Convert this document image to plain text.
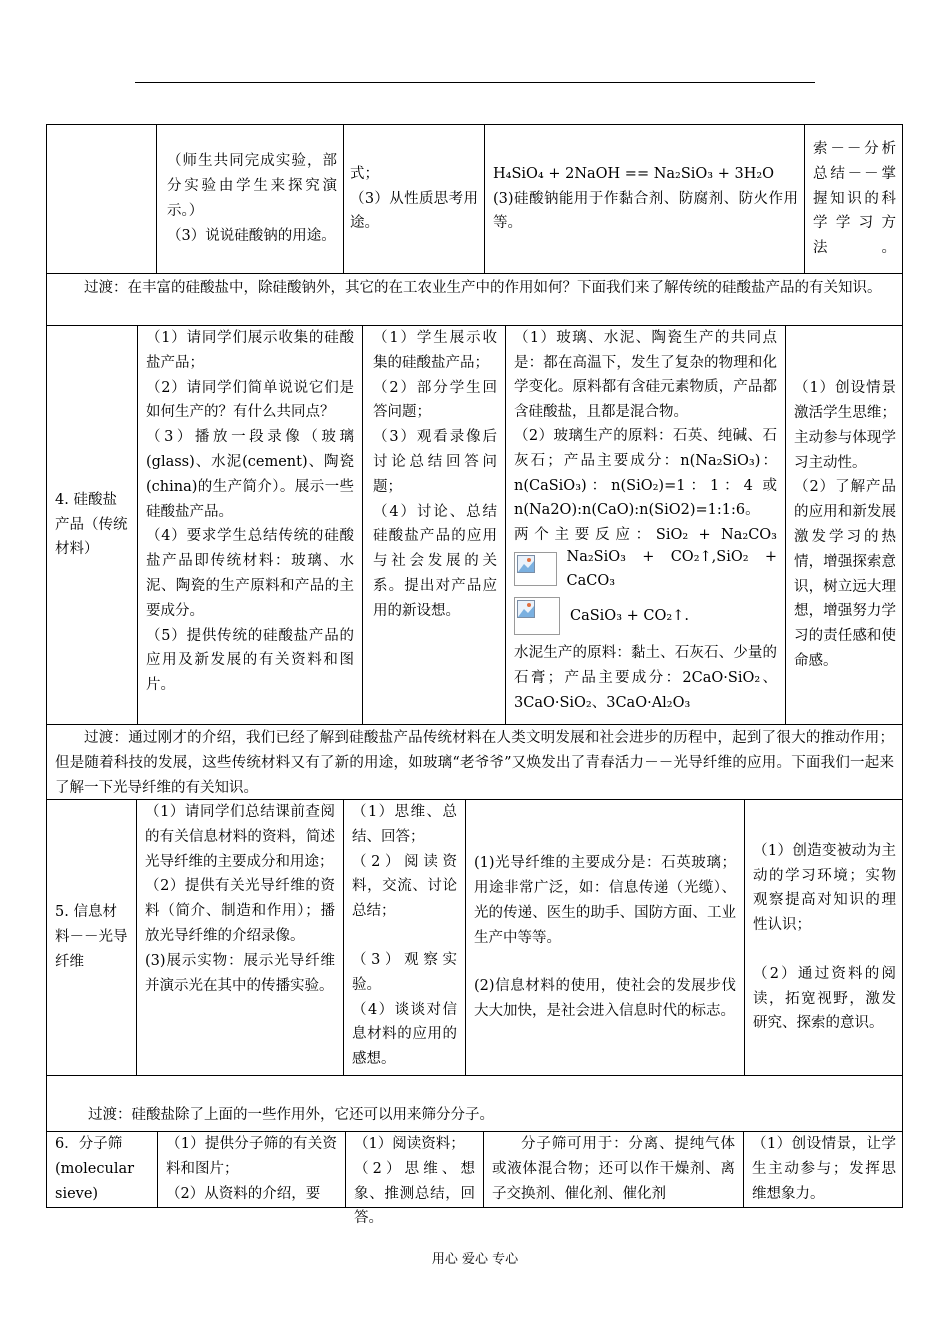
（师生共同完成实验，部分实验由学生来探究演示。）

（3）说说硅酸钠的用途。

式；

（3）从性质思考用途。

H₄SiO₄ + 2NaOH == Na₂SiO₃ + 3H₂O

(3)硅酸钠能用于作黏合剂、防腐剂、防火作用等。

索－－分析总结－－掌握知识的科学学习方法。

过渡：在丰富的硅酸盐中，除硅酸钠外，其它的在工农业生产中的作用如何？下面我们来了解传统的硅酸盐产品的有关知识。

4. 硅酸盐产品（传统材料）

（1）请同学们展示收集的硅酸盐产品；

（2）请同学们简单说说它们是如何生产的？有什么共同点？

（3）播放一段录像（玻璃(glass)、水泥(cement)、陶瓷(china)的生产简介）。展示一些硅酸盐产品。

（4）要求学生总结传统的硅酸盐产品即传统材料：玻璃、水泥、陶瓷的生产原料和产品的主要成分。

（5）提供传统的硅酸盐产品的应用及新发展的有关资料和图片。

（1）学生展示收集的硅酸盐产品；

（2）部分学生回答问题；

（3）观看录像后讨论总结回答问题；

（4）讨论、总结硅酸盐产品的应用与社会发展的关系。提出对产品应用的新设想。

（1）玻璃、水泥、陶瓷生产的共同点是：都在高温下，发生了复杂的物理和化学变化。原料都有含硅元素物质，产品都含硅酸盐，且都是混合物。

（2）玻璃生产的原料：石英、纯碱、石灰石；产品主要成分：n(Na₂SiO₃)：n(CaSiO₃)：n(SiO₂)=1：1：4 或n(Na2O):n(CaO):n(SiO2)=1:1:6。

两个主要反应：SiO₂ + Na₂CO₃

Na₂SiO₃ + CO₂↑,SiO₂ + CaCO₃
CaSiO₃ + CO₂↑.

水泥生产的原料：黏土、石灰石、少量的石膏；产品主要成分：2CaO·SiO₂、3CaO·SiO₂、3CaO·Al₂O₃

（1）创设情景激活学生思维；主动参与体现学习主动性。

（2）了解产品的应用和新发展激发学习的热情，增强探索意识，树立远大理想，增强努力学习的责任感和使命感。

过渡：通过刚才的介绍，我们已经了解到硅酸盐产品传统材料在人类文明发展和社会进步的历程中，起到了很大的推动作用；但是随着科技的发展，这些传统材料又有了新的用途，如玻璃“老爷爷”又焕发出了青春活力－－光导纤维的应用。下面我们一起来了解一下光导纤维的有关知识。

5. 信息材料－－光导纤维

（1）请同学们总结课前查阅的有关信息材料的资料，简述光导纤维的主要成分和用途；

（2）提供有关光导纤维的资料（简介、制造和作用）；播放光导纤维的介绍录像。

(3)展示实物：展示光导纤维并演示光在其中的传播实验。

（1）思维、总结、回答；

（2）阅读资料，交流、讨论总结；

（3）观察实验。

（4）谈谈对信息材料的应用的感想。

(1)光导纤维的主要成分是：石英玻璃；用途非常广泛，如：信息传递（光缆）、光的传递、医生的助手、国防方面、工业生产中等等。

(2)信息材料的使用，使社会的发展步伐大大加快，是社会进入信息时代的标志。

（1）创造变被动为主动的学习环境；实物观察提高对知识的理性认识；

（2）通过资料的阅读，拓宽视野，激发研究、探索的意识。

过渡：硅酸盐除了上面的一些作用外，它还可以用来筛分分子。

6．分子筛(molecular sieve)

（1）提供分子筛的有关资料和图片；

（2）从资料的介绍，要

（1）阅读资料；

（2）思维、想象、推测总结，回答。

分子筛可用于：分离、提纯气体或液体混合物；还可以作干燥剂、离子交换剂、催化剂、催化剂

（1）创设情景，让学生主动参与；发挥思维想象力。

用心 爱心 专心
